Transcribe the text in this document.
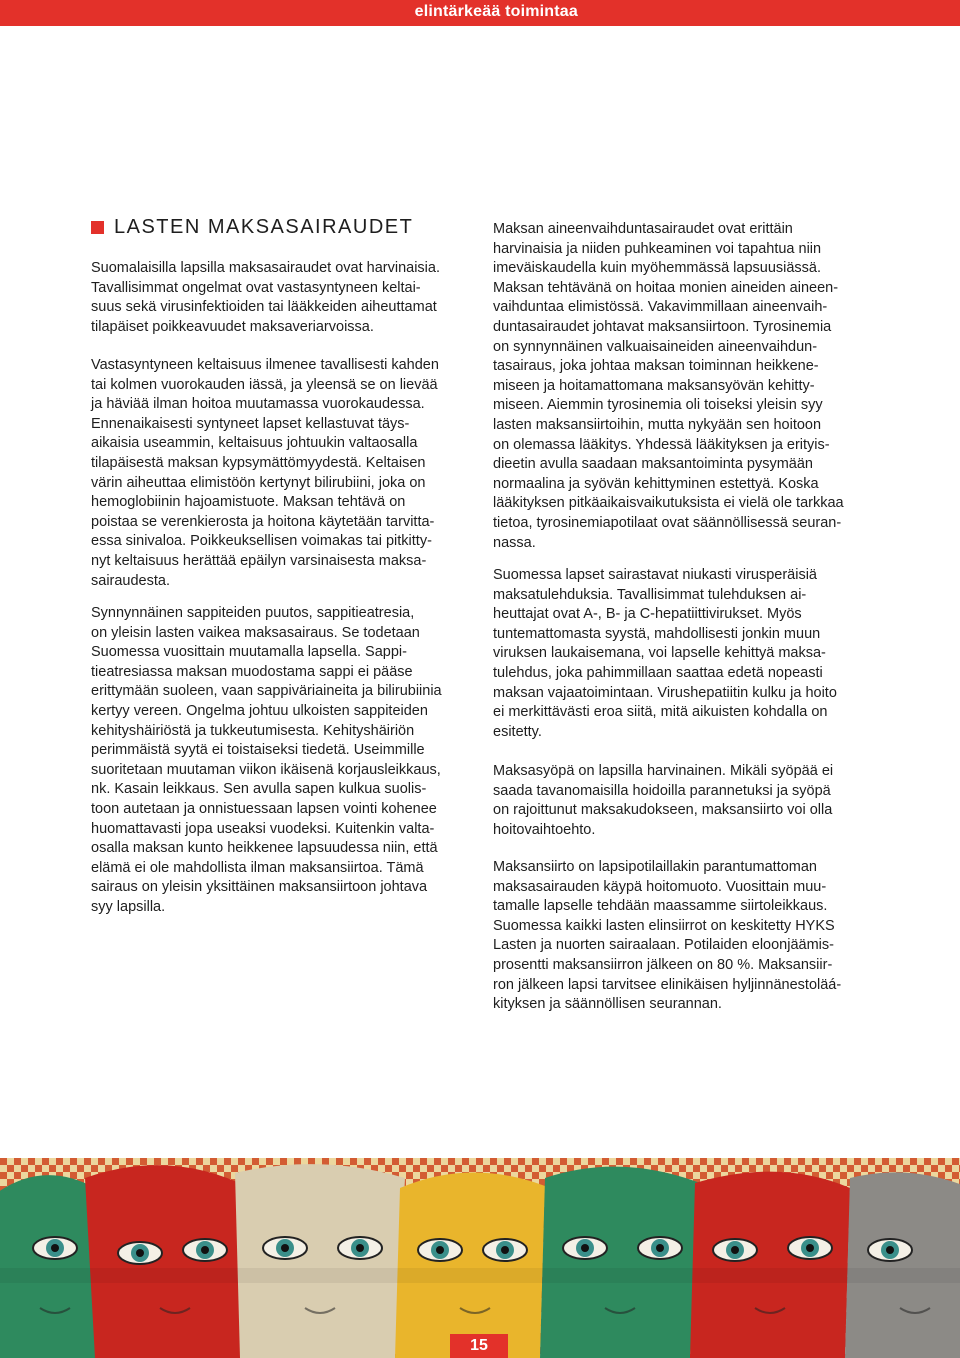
elintärkeää toimintaa
LASTEN MAKSASAIRAUDET

Suomalaisilla lapsilla maksasairaudet ovat harvinaisia.
Tavallisimmat ongelmat ovat vastasyntyneen keltai-
suus sekä virusinfektioiden tai lääkkeiden aiheuttamat
tilapäiset poikkeavuudet maksaveriarvoissa.

Vastasyntyneen keltaisuus ilmenee tavallisesti kahden
tai kolmen vuorokauden iässä, ja yleensä se on lievää
ja häviää ilman hoitoa muutamassa vuorokaudessa.
Ennenaikaisesti syntyneet lapset kellastuvat täys-
aikaisia useammin, keltaisuus johtuukin valtaosalla
tilapäisestä maksan kypsymättömyydestä. Keltaisen
värin aiheuttaa elimistöön kertynyt bilirubiini, joka on
hemoglobiinin hajoamistuote. Maksan tehtävä on
poistaa se verenkierosta ja hoitona käytetään tarvitta-
essa sinivaloa. Poikkeuksellisen voimakas tai pitkitty-
nyt keltaisuus herättää epäilyn varsinaisesta maksa-
sairaudesta.

Synnynnäinen sappiteiden puutos, sappitieatresia,
on yleisin lasten vaikea maksasairaus. Se todetaan
Suomessa vuosittain muutamalla lapsella. Sappi-
tieatresiassa maksan muodostama sappi ei pääse
erittymään suoleen, vaan sappiväriaineita ja bilirubiinia
kertyy vereen. Ongelma johtuu ulkoisten sappiteiden
kehityshäiriöstä ja tukkeutumisesta. Kehityshäiriön
perimmäistä syytä ei toistaiseksi tiedetä. Useimmille
suoritetaan muutaman viikon ikäisenä korjausleikkaus,
nk. Kasain leikkaus. Sen avulla sapen kulkua suolis-
toon autetaan ja onnistuessaan lapsen vointi kohenee
huomattavasti jopa useaksi vuodeksi. Kuitenkin valta-
osalla maksan kunto heikkenee lapsuudessa niin, että
elämä ei ole mahdollista ilman maksansiirtoa. Tämä
sairaus on yleisin yksittäinen maksansiirtoon johtava
syy lapsilla.

Maksan aineenvaihduntasairaudet ovat erittäin
harvinaisia ja niiden puhkeaminen voi tapahtua niin
imeväiskaudella kuin myöhemmässä lapsuusiässä.
Maksan tehtävänä on hoitaa monien aineiden aineen-
vaihduntaa elimistössä. Vakavimmillaan aineenvaih-
duntasairaudet johtavat maksansiirtoon. Tyrosinemia
on synnynnäinen valkuaisaineiden aineenvaihdun-
tasairaus, joka johtaa maksan toiminnan heikkene-
miseen ja hoitamattomana maksansyövän kehitty-
miseen. Aiemmin tyrosinemia oli toiseksi yleisin syy
lasten maksansiirtoihin, mutta nykyään sen hoitoon
on olemassa lääkitys. Yhdessä lääkityksen ja erityis-
dieetin avulla saadaan maksantoiminta pysymään
normaalina ja syövän kehittyminen estettyä. Koska
lääkityksen pitkäaikaisvaikutuksista ei vielä ole tarkkaa
tietoa, tyrosinemiapotilaat ovat säännöllisessä seuran-
nassa.

Suomessa lapset sairastavat niukasti virusperäisiä
maksatulehduksia. Tavallisimmat tulehduksen ai-
heuttajat ovat A-, B- ja C-hepatiittivirukset. Myös
tuntemattomasta syystä, mahdollisesti jonkin muun
viruksen laukaisemana, voi lapselle kehittyä maksa-
tulehdus, joka pahimmillaan saattaa edetä nopeasti
maksan vajaatoimintaan. Virushepatiitin kulku ja hoito
ei merkittävästi eroa siitä, mitä aikuisten kohdalla on
esitetty.

Maksasyöpä on lapsilla harvinainen. Mikäli syöpää ei
saada tavanomaisilla hoidoilla parannetuksi ja syöpä
on rajoittunut maksakudokseen, maksansiirto voi olla
hoitovaihtoehto.

Maksansiirto on lapsipotilaillakin parantumattoman
maksasairauden käypä hoitomuoto. Vuosittain muu-
tamalle lapselle tehdään maassamme siirtoleikkaus.
Suomessa kaikki lasten elinsiirrot on keskitetty HYKS
Lasten ja nuorten sairaalaan. Potilaiden eloonjäämis-
prosentti maksansiirron jälkeen on 80 %. Maksansiir-
ron jälkeen lapsi tarvitsee elinikäisen hyljinnänestoläá-
kityksen ja säännöllisen seurannan.

15
